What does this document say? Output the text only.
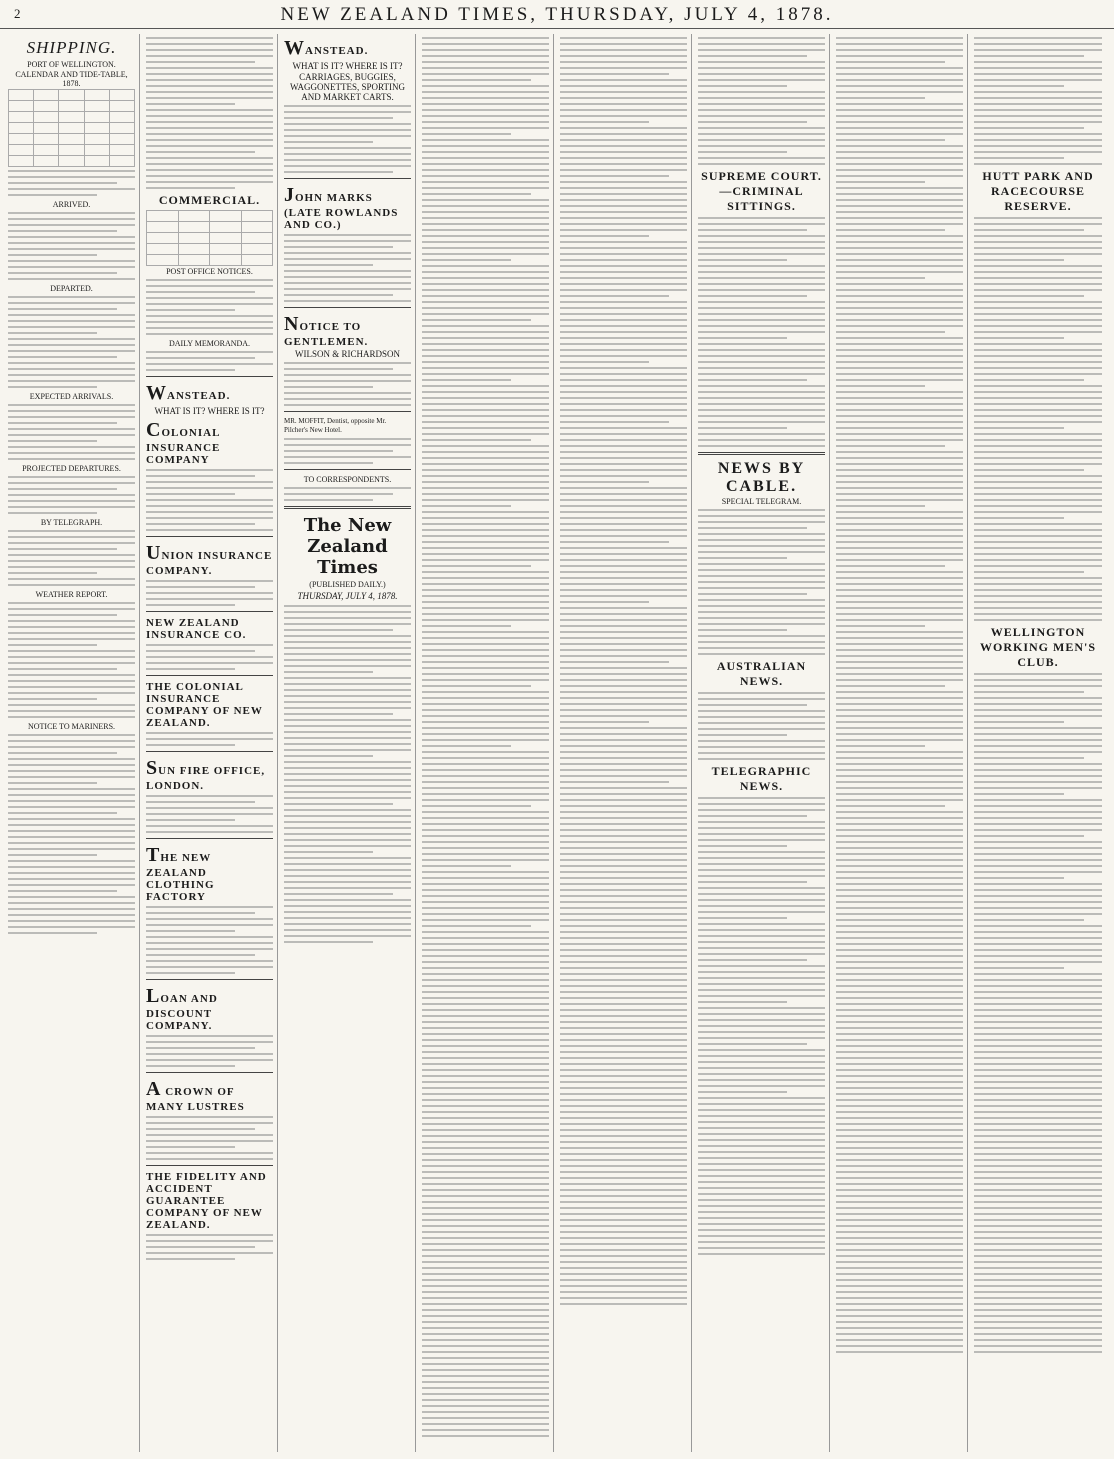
2	NEW ZEALAND TIMES, THURSDAY, JULY 4, 1878.
SHIPPING.
PORT OF WELLINGTON.
CALENDAR AND TIDE-TABLE, 1878.

ARRIVED.
DEPARTED.
EXPECTED ARRIVALS.
PROJECTED DEPARTURES.
BY TELEGRAPH.
WEATHER REPORT.
NOTICE TO MARINERS.
COMMERCIAL.

POST OFFICE NOTICES.
DAILY MEMORANDA.
WANSTEAD.
WHAT IS IT? WHERE IS IT?
COLONIAL INSURANCE COMPANY
UNION INSURANCE COMPANY.
NEW ZEALAND INSURANCE CO.
THE COLONIAL INSURANCE COMPANY OF NEW ZEALAND.
SUN FIRE OFFICE, LONDON.
THE NEW ZEALAND CLOTHING FACTORY
LOAN AND DISCOUNT COMPANY.
A CROWN OF MANY LUSTRES
THE FIDELITY AND ACCIDENT GUARANTEE COMPANY OF NEW ZEALAND.
WANSTEAD.
WHAT IS IT? WHERE IS IT?
CARRIAGES, BUGGIES, WAGGONETTES, SPORTING AND MARKET CARTS.
JOHN MARKS (LATE ROWLANDS AND CO.)
NOTICE TO GENTLEMEN.
WILSON & RICHARDSON
MR. MOFFIT, Dentist, opposite Mr. Pilcher's New Hotel.
TO CORRESPONDENTS.
The New Zealand Times
(PUBLISHED DAILY.)
THURSDAY, JULY 4, 1878.
SUPREME COURT.—CRIMINAL SITTINGS.
NEWS BY CABLE.
SPECIAL TELEGRAM.
AUSTRALIAN NEWS.
TELEGRAPHIC NEWS.
HUTT PARK AND RACECOURSE RESERVE.
WELLINGTON WORKING MEN'S CLUB.
